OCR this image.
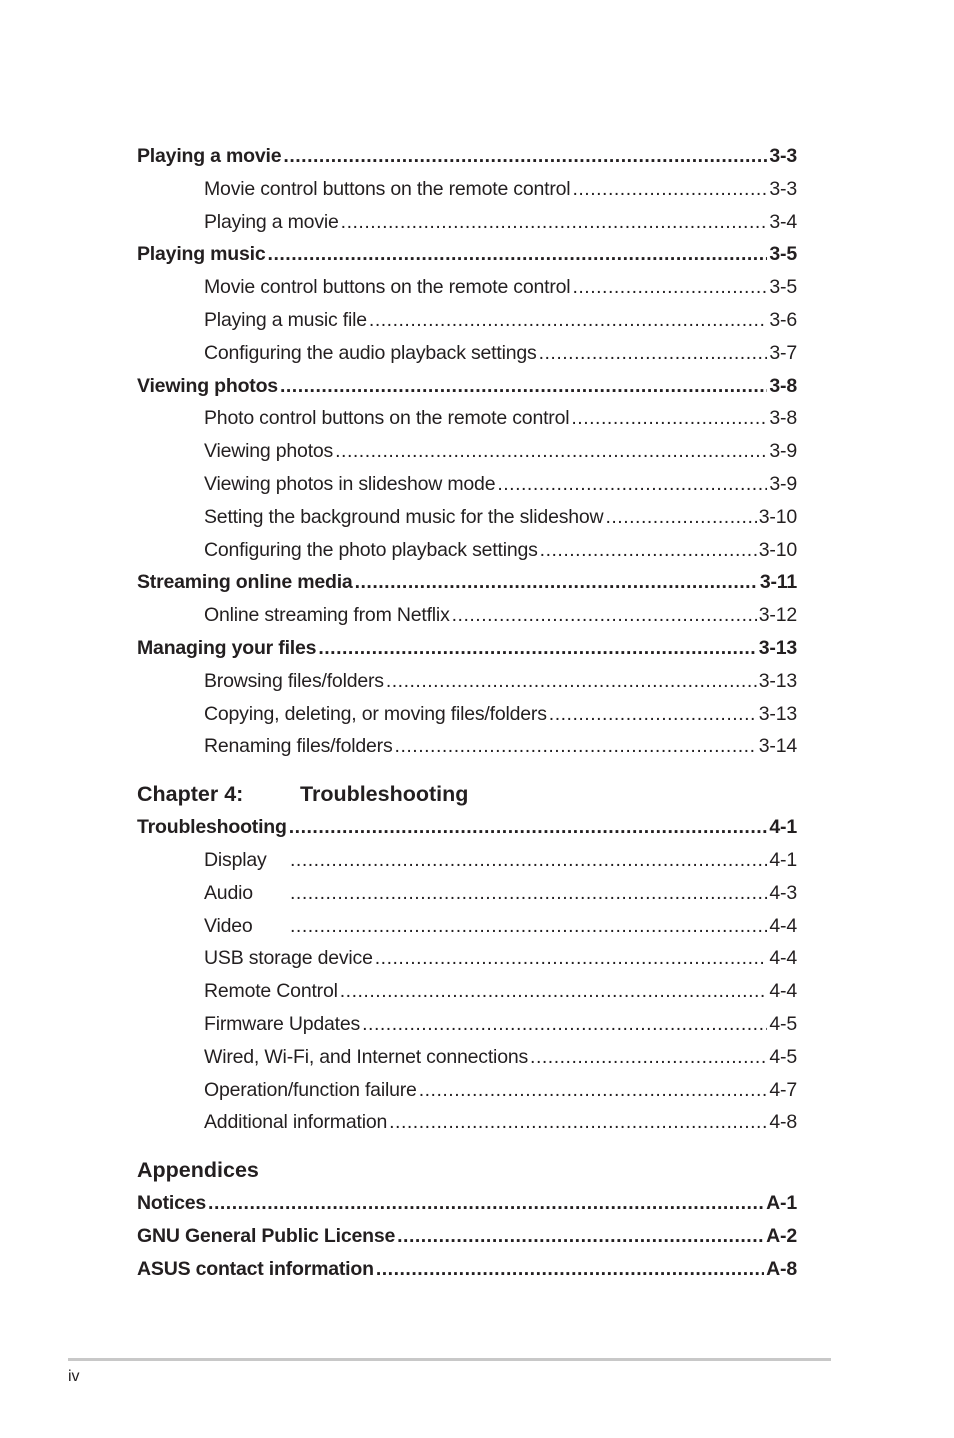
Playing a movie .....	3-3
Movie control buttons on the remote control .....	3-3
Playing a movie .....	3-4
Playing music .....	3-5
Movie control buttons on the remote control .....	3-5
Playing a music file .....	3-6
Configuring the audio playback settings .....	3-7
Viewing photos .....	3-8
Photo control buttons on the remote control .....	3-8
Viewing photos .....	3-9
Viewing photos in slideshow mode .....	3-9
Setting the background music for the slideshow .....	3-10
Configuring the photo playback settings .....	3-10
Streaming online media .....	3-11
Online streaming from Netflix .....	3-12
Managing your files .....	3-13
Browsing files/folders .....	3-13
Copying, deleting, or moving files/folders .....	3-13
Renaming files/folders .....	3-14
Chapter 4:	Troubleshooting
Troubleshooting .....	4-1
Display .....	4-1
Audio .....	4-3
Video .....	4-4
USB storage device .....	4-4
Remote Control .....	4-4
Firmware Updates .....	4-5
Wired, Wi-Fi, and Internet connections .....	4-5
Operation/function failure .....	4-7
Additional information .....	4-8
Appendices
Notices .....	A-1
GNU General Public License .....	A-2
ASUS contact information .....	A-8
iv
